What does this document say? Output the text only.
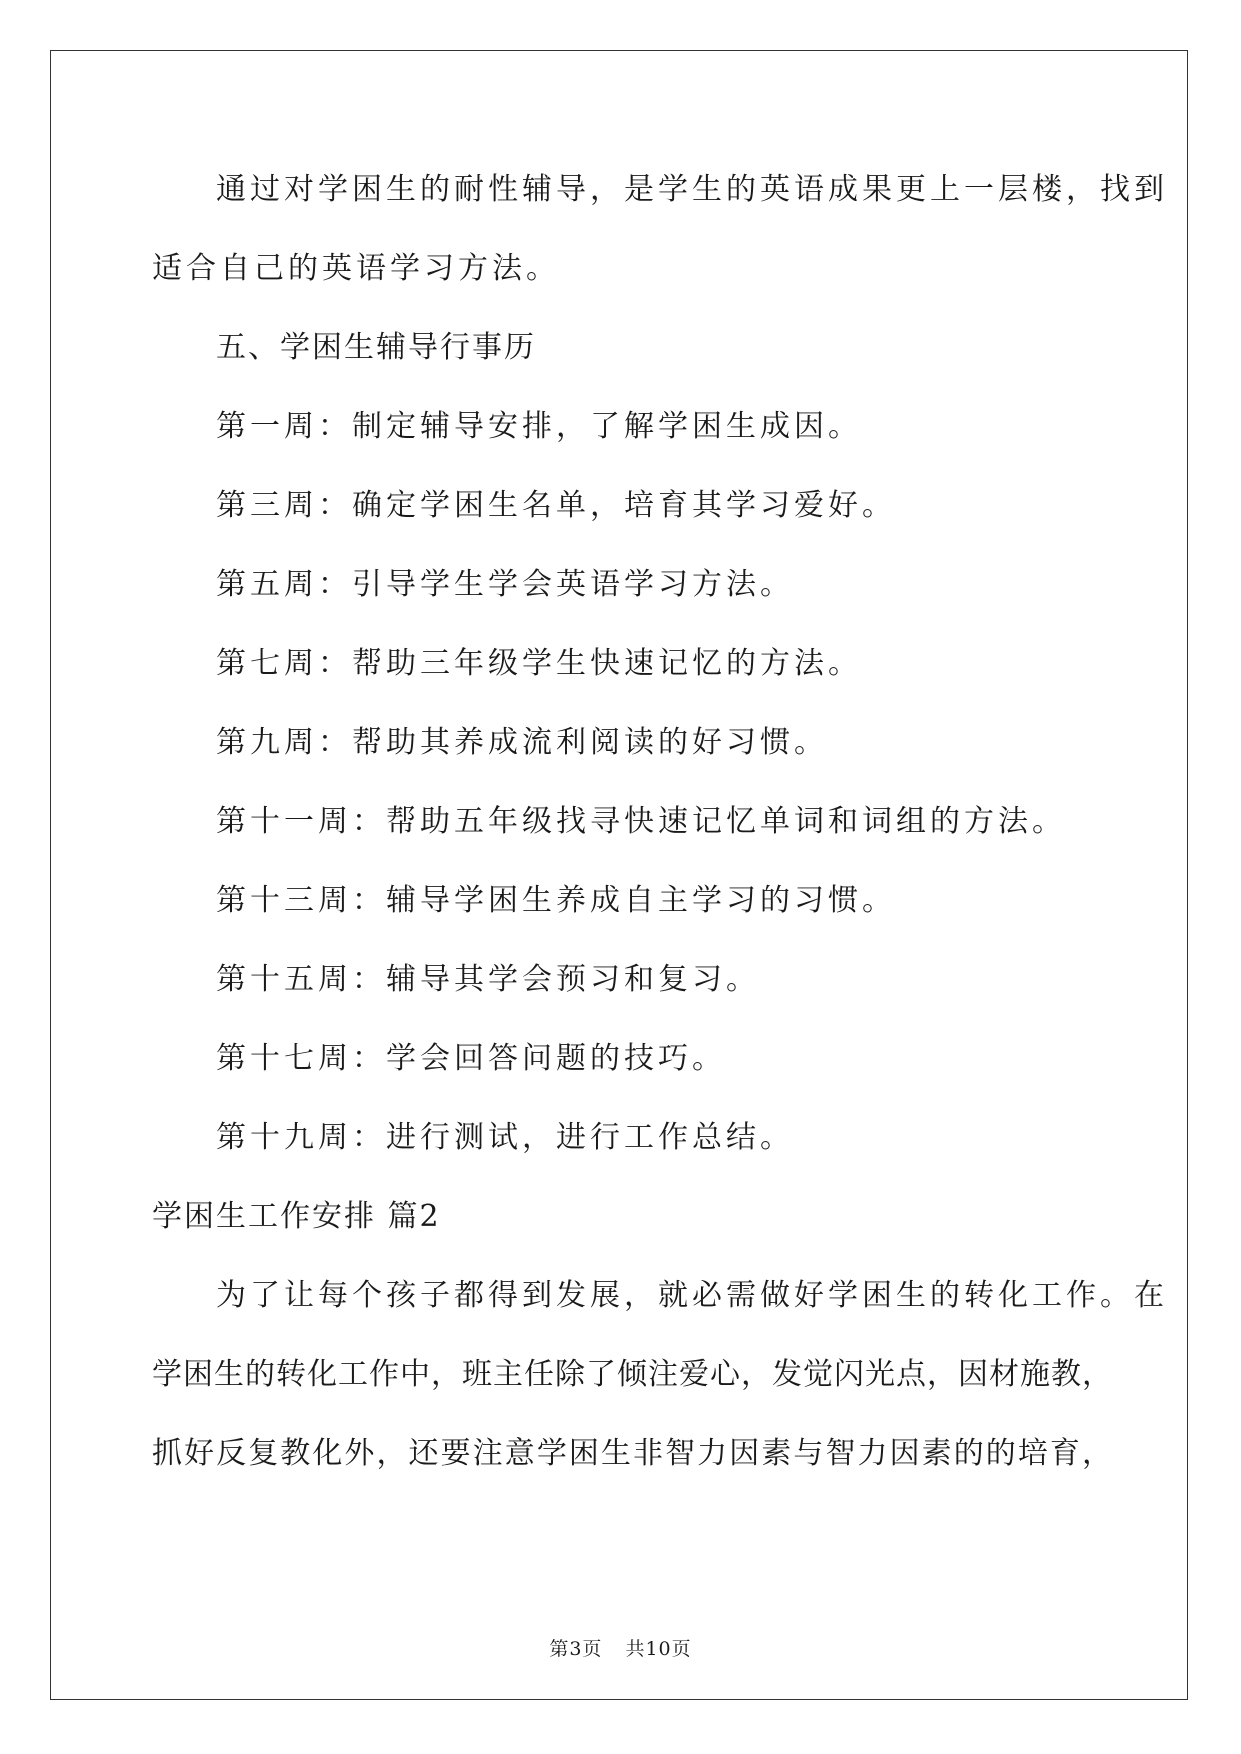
通过对学困生的耐性辅导，是学生的英语成果更上一层楼，找到
适合自己的英语学习方法。
五、学困生辅导行事历
第一周：制定辅导安排，了解学困生成因。
第三周：确定学困生名单，培育其学习爱好。
第五周：引导学生学会英语学习方法。
第七周：帮助三年级学生快速记忆的方法。
第九周：帮助其养成流利阅读的好习惯。
第十一周：帮助五年级找寻快速记忆单词和词组的方法。
第十三周：辅导学困生养成自主学习的习惯。
第十五周：辅导其学会预习和复习。
第十七周：学会回答问题的技巧。
第十九周：进行测试，进行工作总结。
学困生工作安排 篇2
为了让每个孩子都得到发展，就必需做好学困生的转化工作。在
学困生的转化工作中，班主任除了倾注爱心，发觉闪光点，因材施教，
抓好反复教化外，还要注意学困生非智力因素与智力因素的的培育，
第3页 共10页
